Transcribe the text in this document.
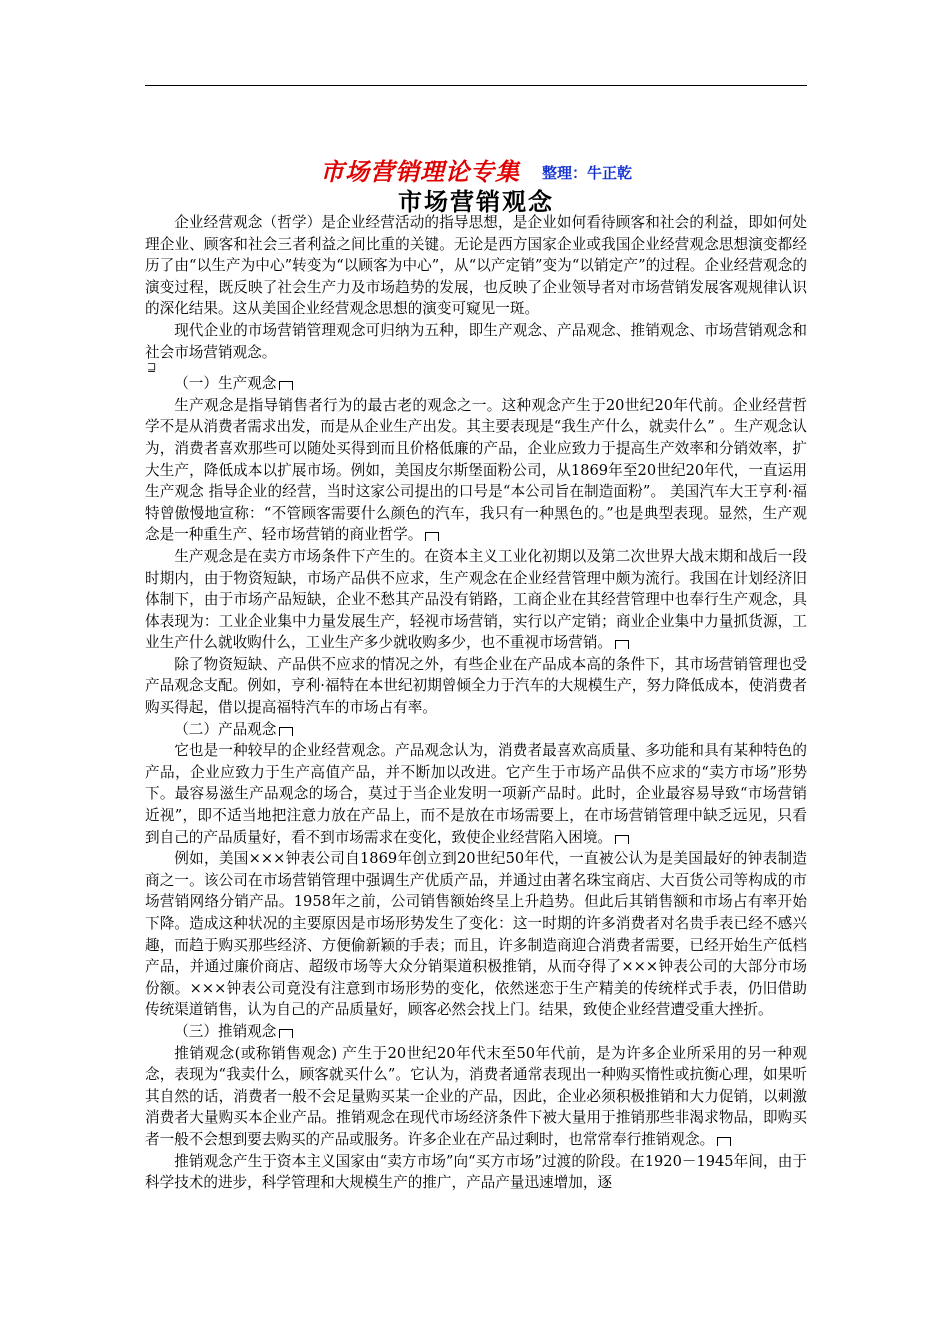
市场营销理论专集 整理：牛正乾
市场营销观念

企业经营观念（哲学）是企业经营活动的指导思想，是企业如何看待顾客和社会的利益，即如何处理企业、顾客和社会三者利益之间比重的关键。无论是西方国家企业或我国企业经营观念思想演变都经历了由“以生产为中心”转变为“以顾客为中心”，从“以产定销”变为“以销定产”的过程。企业经营观念的演变过程，既反映了社会生产力及市场趋势的发展，也反映了企业领导者对市场营销发展客观规律认识的深化结果。这从美国企业经营观念思想的演变可窥见一斑。

现代企业的市场营销管理观念可归纳为五种，即生产观念、产品观念、推销观念、市场营销观念和社会市场营销观念。

⊒

（一）生产观念

生产观念是指导销售者行为的最古老的观念之一。这种观念产生于20世纪20年代前。企业经营哲学不是从消费者需求出发，而是从企业生产出发。其主要表现是“我生产什么，就卖什么” 。生产观念认为，消费者喜欢那些可以随处买得到而且价格低廉的产品，企业应致力于提高生产效率和分销效率，扩大生产，降低成本以扩展市场。例如，美国皮尔斯堡面粉公司，从1869年至20世纪20年代，一直运用生产观念 指导企业的经营，当时这家公司提出的口号是“本公司旨在制造面粉”。 美国汽车大王亨利·福特曾傲慢地宣称：“不管顾客需要什么颜色的汽车，我只有一种黑色的。”也是典型表现。显然，生产观念是一种重生产、轻市场营销的商业哲学。

生产观念是在卖方市场条件下产生的。在资本主义工业化初期以及第二次世界大战末期和战后一段时期内，由于物资短缺，市场产品供不应求，生产观念在企业经营管理中颇为流行。我国在计划经济旧体制下，由于市场产品短缺，企业不愁其产品没有销路，工商企业在其经营管理中也奉行生产观念，具体表现为：工业企业集中力量发展生产，轻视市场营销，实行以产定销；商业企业集中力量抓货源，工业生产什么就收购什么，工业生产多少就收购多少，也不重视市场营销。

除了物资短缺、产品供不应求的情况之外，有些企业在产品成本高的条件下，其市场营销管理也受产品观念支配。例如，亨利·福特在本世纪初期曾倾全力于汽车的大规模生产，努力降低成本，使消费者购买得起，借以提高福特汽车的市场占有率。

（二）产品观念

它也是一种较早的企业经营观念。产品观念认为，消费者最喜欢高质量、多功能和具有某种特色的产品，企业应致力于生产高值产品，并不断加以改进。它产生于市场产品供不应求的“卖方市场”形势下。最容易滋生产品观念的场合，莫过于当企业发明一项新产品时。此时，企业最容易导致“市场营销近视”，即不适当地把注意力放在产品上，而不是放在市场需要上，在市场营销管理中缺乏远见，只看到自己的产品质量好，看不到市场需求在变化，致使企业经营陷入困境。

例如，美国×××钟表公司自1869年创立到20世纪50年代，一直被公认为是美国最好的钟表制造商之一。该公司在市场营销管理中强调生产优质产品，并通过由著名珠宝商店、大百货公司等构成的市场营销网络分销产品。1958年之前，公司销售额始终呈上升趋势。但此后其销售额和市场占有率开始下降。造成这种状况的主要原因是市场形势发生了变化：这一时期的许多消费者对名贵手表已经不感兴趣，而趋于购买那些经济、方便偷新颖的手表；而且，许多制造商迎合消费者需要，已经开始生产低档产品，并通过廉价商店、超级市场等大众分销渠道积极推销，从而夺得了×××钟表公司的大部分市场份额。×××钟表公司竟没有注意到市场形势的变化，依然迷恋于生产精美的传统样式手表，仍旧借助传统渠道销售，认为自己的产品质量好，顾客必然会找上门。结果，致使企业经营遭受重大挫折。

（三）推销观念

推销观念(或称销售观念) 产生于20世纪20年代末至50年代前，是为许多企业所采用的另一种观念，表现为“我卖什么，顾客就买什么”。它认为，消费者通常表现出一种购买惰性或抗衡心理，如果听其自然的话，消费者一般不会足量购买某一企业的产品，因此，企业必须积极推销和大力促销，以刺激消费者大量购买本企业产品。推销观念在现代市场经济条件下被大量用于推销那些非渴求物品，即购买者一般不会想到要去购买的产品或服务。许多企业在产品过剩时，也常常奉行推销观念。

推销观念产生于资本主义国家由“卖方市场”向“买方市场”过渡的阶段。在1920－1945年间，由于科学技术的进步，科学管理和大规模生产的推广，产品产量迅速增加，逐
